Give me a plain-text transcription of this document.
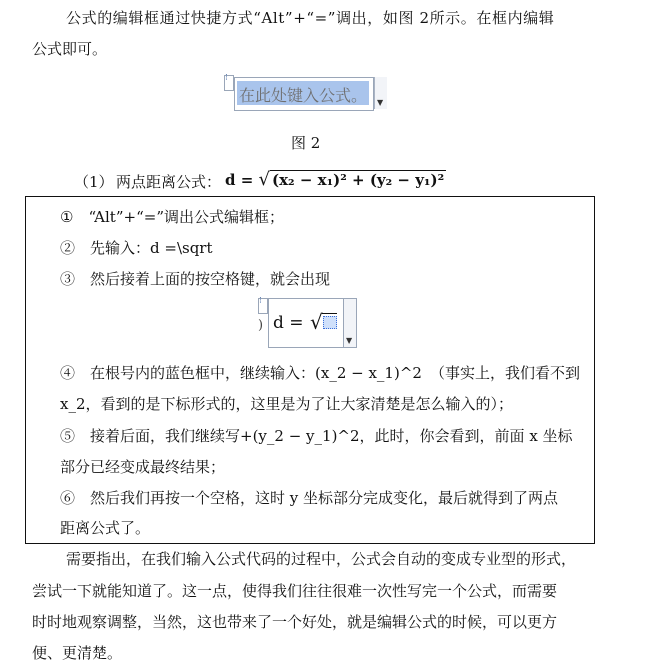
公式的编辑框通过快捷方式“Alt”+“=”调出，如图 2所示。在框内编辑
公式即可。
⁝
在此处键入公式。 ▼
图 2
（1） 两点距离公式： d = √ (x₂ − x₁)² + (y₂ − y₁)²
①　“Alt”+“=”调出公式编辑框；
②　先输入：d =\sqrt
③　然后接着上面的按空格键，就会出现
⁝
) d = √
▼
④　在根号内的蓝色框中，继续输入：(x_2 − x_1)^2 （事实上，我们看不到
x_2，看到的是下标形式的，这里是为了让大家清楚是怎么输入的）；
⑤　接着后面，我们继续写+(y_2 − y_1)^2，此时，你会看到，前面 x 坐标
部分已经变成最终结果；
⑥　然后我们再按一个空格，这时 y 坐标部分完成变化，最后就得到了两点
距离公式了。
需要指出，在我们输入公式代码的过程中，公式会自动的变成专业型的形式，
尝试一下就能知道了。这一点，使得我们往往很难一次性写完一个公式，而需要
时时地观察调整，当然，这也带来了一个好处，就是编辑公式的时候，可以更方
便、更清楚。
